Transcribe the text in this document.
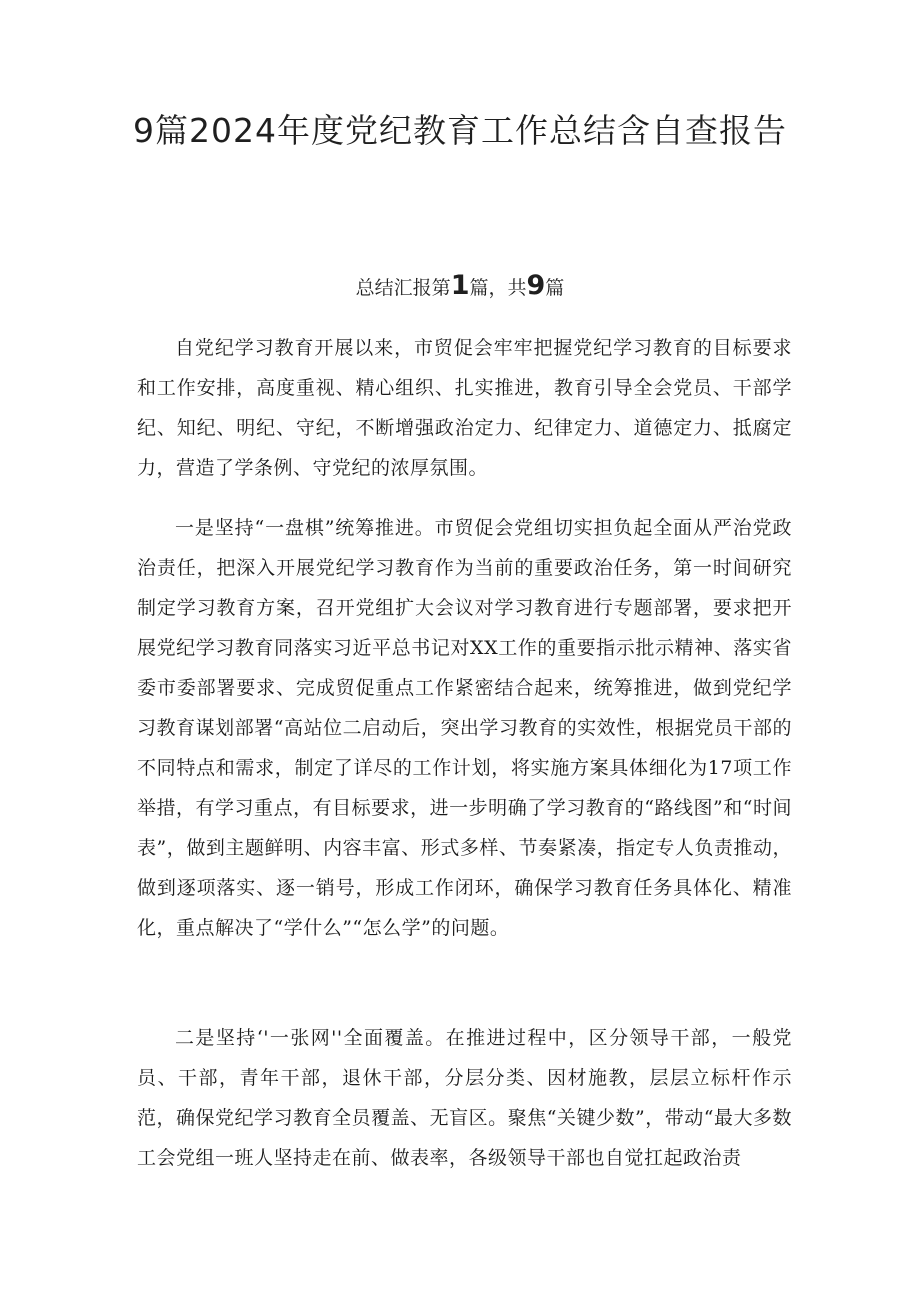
9篇2024年度党纪教育工作总结含自查报告
总结汇报第1篇，共9篇

自党纪学习教育开展以来，市贸促会牢牢把握党纪学习教育的目标要求和工作安排，高度重视、精心组织、扎实推进，教育引导全会党员、干部学纪、知纪、明纪、守纪，不断增强政治定力、纪律定力、道德定力、抵腐定力，营造了学条例、守党纪的浓厚氛围。

一是坚持“一盘棋”统筹推进。市贸促会党组切实担负起全面从严治党政治责任，把深入开展党纪学习教育作为当前的重要政治任务，第一时间研究制定学习教育方案，召开党组扩大会议对学习教育进行专题部署，要求把开展党纪学习教育同落实习近平总书记对XX工作的重要指示批示精神、落实省委市委部署要求、完成贸促重点工作紧密结合起来，统筹推进，做到党纪学习教育谋划部署“高站位二启动后，突出学习教育的实效性，根据党员干部的不同特点和需求，制定了详尽的工作计划，将实施方案具体细化为17项工作举措，有学习重点，有目标要求，进一步明确了学习教育的“路线图”和“时间表”，做到主题鲜明、内容丰富、形式多样、节奏紧凑，指定专人负责推动，做到逐项落实、逐一销号，形成工作闭环，确保学习教育任务具体化、精准化，重点解决了“学什么”“怎么学”的问题。

二是坚持‘'一张网''全面覆盖。在推进过程中，区分领导干部，一般党员、干部，青年干部，退休干部，分层分类、因材施教，层层立标杆作示范，确保党纪学习教育全员覆盖、无盲区。聚焦“关键少数”，带动“最大多数工会党组一班人坚持走在前、做表率，各级领导干部也自觉扛起政治责
